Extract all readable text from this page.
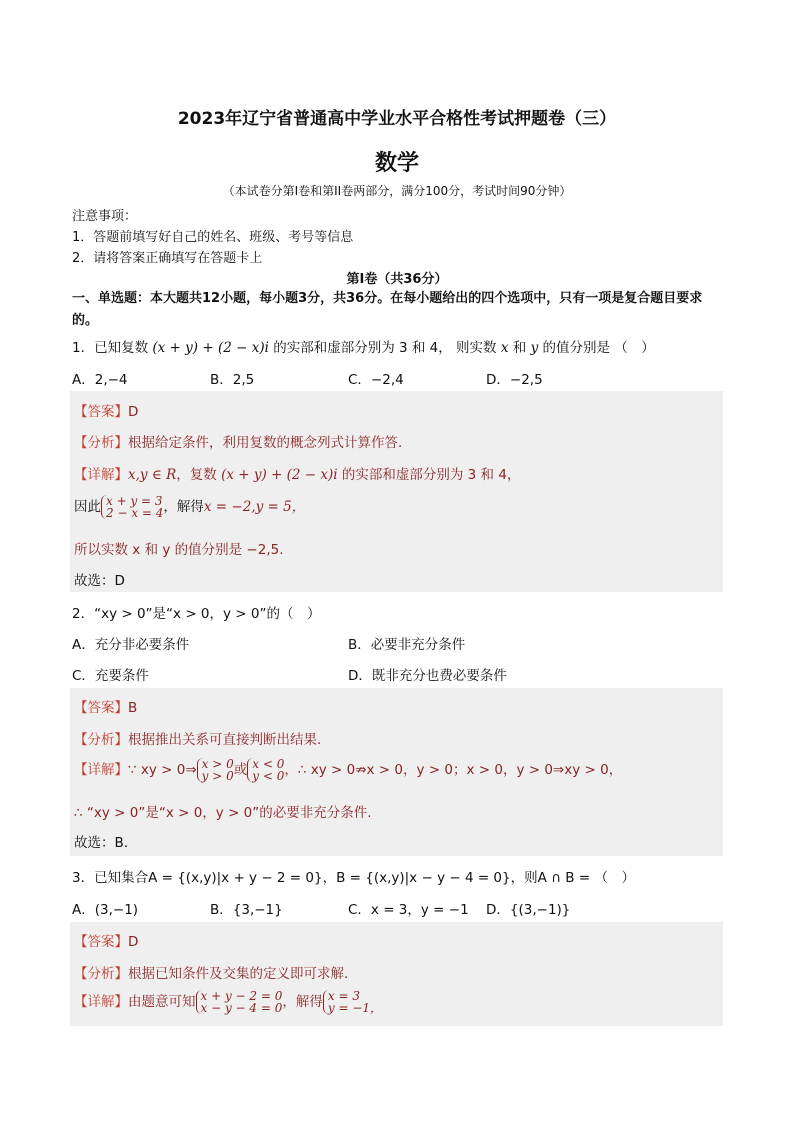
2023年辽宁省普通高中学业水平合格性考试押题卷（三）
数学
（本试卷分第I卷和第II卷两部分，满分100分，考试时间90分钟）
注意事项：
1．答题前填写好自己的姓名、班级、考号等信息
2．请将答案正确填写在答题卡上
第I卷（共36分）
一、单选题：本大题共12小题，每小题3分，共36分。在每小题给出的四个选项中，只有一项是复合题目要求的。
1．已知复数 (x + y) + (2 − x)i 的实部和虚部分别为 3 和 4， 则实数 x 和 y 的值分别是 （　）
A．2,−4	B．2,5	C．−2,4	D．−2,5
【答案】D
【分析】根据给定条件，利用复数的概念列式计算作答.
【详解】x,y ∈ R，复数 (x + y) + (2 − x)i 的实部和虚部分别为 3 和 4，
因此 x + y = 3
2 − x = 4，解得x = −2,y = 5，
所以实数 x 和 y 的值分别是 −2,5.
故选：D
2．“xy > 0”是“x > 0，y > 0”的（　）
A．充分非必要条件	B．必要非充分条件
C．充要条件	D．既非充分也费必要条件
【答案】B
【分析】根据推出关系可直接判断出结果.
【详解】∵ xy > 0⇒ x > 0
y > 0或 x < 0
y < 0，∴ xy > 0⇏x > 0，y > 0；x > 0，y > 0⇒xy > 0，
∴ “xy > 0”是“x > 0，y > 0”的必要非充分条件.
故选：B.
3．已知集合A = {(x,y)|x + y − 2 = 0}，B = {(x,y)|x − y − 4 = 0}，则A ∩ B = （　）
A．(3,−1)	B．{3,−1}	C．x = 3，y = −1 D．{(3,−1)}
【答案】D
【分析】根据已知条件及交集的定义即可求解.
【详解】由题意可知 x + y − 2 = 0
x − y − 4 = 0，解得 x = 3
y = −1，
